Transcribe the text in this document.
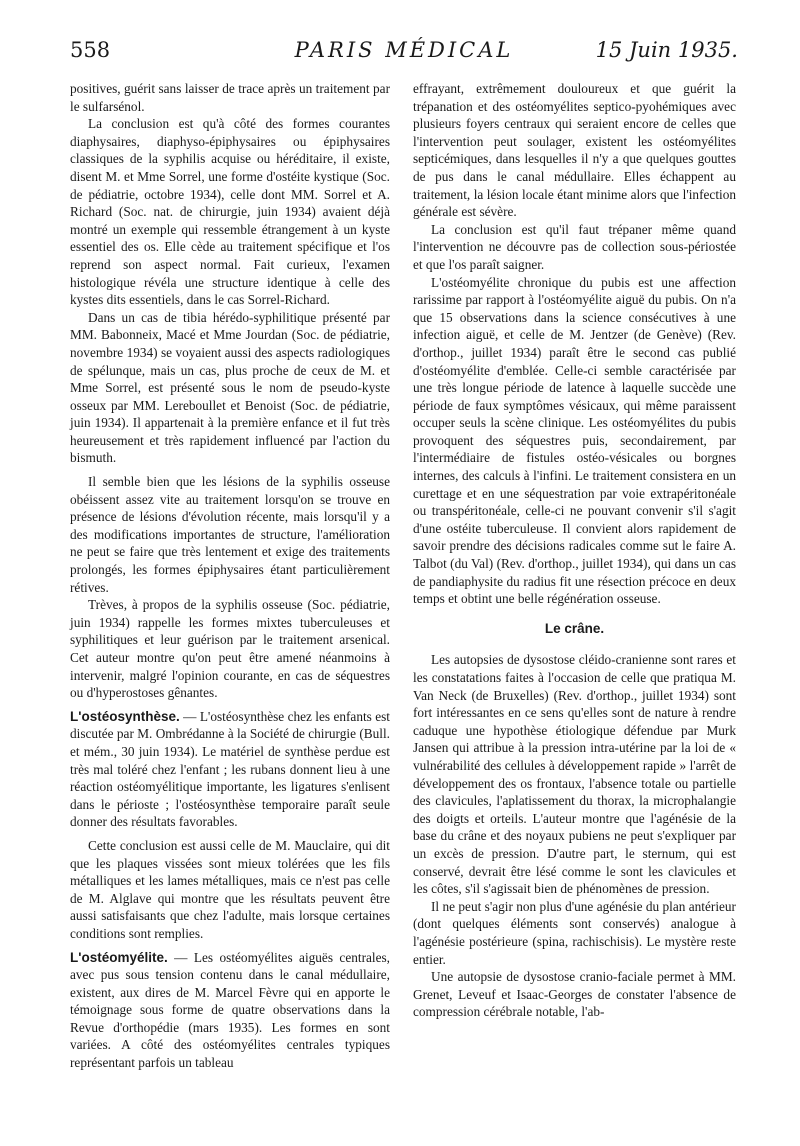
558	PARIS MÉDICAL	15 Juin 1935.

positives, guérit sans laisser de trace après un traitement par le sulfarsénol.

La conclusion est qu'à côté des formes courantes diaphysaires, diaphyso-épiphysaires ou épiphysaires classiques de la syphilis acquise ou héréditaire, il existe, disent M. et Mme Sorrel, une forme d'ostéite kystique (Soc. de pédiatrie, octobre 1934), celle dont MM. Sorrel et A. Richard (Soc. nat. de chirurgie, juin 1934) avaient déjà montré un exemple qui ressemble étrangement à un kyste essentiel des os. Elle cède au traitement spécifique et l'os reprend son aspect normal. Fait curieux, l'examen histologique révéla une structure identique à celle des kystes dits essentiels, dans le cas Sorrel-Richard.

Dans un cas de tibia hérédo-syphilitique présenté par MM. Babonneix, Macé et Mme Jourdan (Soc. de pédiatrie, novembre 1934) se voyaient aussi des aspects radiologiques de spélunque, mais un cas, plus proche de ceux de M. et Mme Sorrel, est présenté sous le nom de pseudo-kyste osseux par MM. Lereboullet et Benoist (Soc. de pédiatrie, juin 1934). Il appartenait à la première enfance et il fut très heureusement et très rapidement influencé par l'action du bismuth.

Il semble bien que les lésions de la syphilis osseuse obéissent assez vite au traitement lorsqu'on se trouve en présence de lésions d'évolution récente, mais lorsqu'il y a des modifications importantes de structure, l'amélioration ne peut se faire que très lentement et exige des traitements prolongés, les formes épiphysaires étant particulièrement rétives.

Trèves, à propos de la syphilis osseuse (Soc. pédiatrie, juin 1934) rappelle les formes mixtes tuberculeuses et syphilitiques et leur guérison par le traitement arsenical. Cet auteur montre qu'on peut être amené néanmoins à intervenir, malgré l'opinion courante, en cas de séquestres ou d'hyperostoses gênantes.

L'ostéosynthèse. — L'ostéosynthèse chez les enfants est discutée par M. Ombrédanne à la Société de chirurgie (Bull. et mém., 30 juin 1934). Le matériel de synthèse perdue est très mal toléré chez l'enfant ; les rubans donnent lieu à une réaction ostéomyélitique importante, les ligatures s'enlisent dans le périoste ; l'ostéosynthèse temporaire paraît seule donner des résultats favorables.

Cette conclusion est aussi celle de M. Mauclaire, qui dit que les plaques vissées sont mieux tolérées que les fils métalliques et les lames métalliques, mais ce n'est pas celle de M. Alglave qui montre que les résultats peuvent être aussi satisfaisants que chez l'adulte, mais lorsque certaines conditions sont remplies.

L'ostéomyélite. — Les ostéomyélites aiguës centrales, avec pus sous tension contenu dans le canal médullaire, existent, aux dires de M. Marcel Fèvre qui en apporte le témoignage sous forme de quatre observations dans la Revue d'orthopédie (mars 1935). Les formes en sont variées. A côté des ostéomyélites centrales typiques représentant parfois un tableau

effrayant, extrêmement douloureux et que guérit la trépanation et des ostéomyélites septico-pyohémiques avec plusieurs foyers centraux qui seraient encore de celles que l'intervention peut soulager, existent les ostéomyélites septicémiques, dans lesquelles il n'y a que quelques gouttes de pus dans le canal médullaire. Elles échappent au traitement, la lésion locale étant minime alors que l'infection générale est sévère.

La conclusion est qu'il faut trépaner même quand l'intervention ne découvre pas de collection sous-périostée et que l'os paraît saigner.

L'ostéomyélite chronique du pubis est une affection rarissime par rapport à l'ostéomyélite aiguë du pubis. On n'a que 15 observations dans la science consécutives à une infection aiguë, et celle de M. Jentzer (de Genève) (Rev. d'orthop., juillet 1934) paraît être le second cas publié d'ostéomyélite d'emblée. Celle-ci semble caractérisée par une très longue période de latence à laquelle succède une période de faux symptômes vésicaux, qui même paraissent occuper seuls la scène clinique. Les ostéomyélites du pubis provoquent des séquestres puis, secondairement, par l'intermédiaire de fistules ostéo-vésicales ou borgnes internes, des calculs à l'infini. Le traitement consistera en un curettage et en une séquestration par voie extrapéritonéale ou transpéritonéale, celle-ci ne pouvant convenir s'il s'agit d'une ostéite tuberculeuse. Il convient alors rapidement de savoir prendre des décisions radicales comme sut le faire A. Talbot (du Val) (Rev. d'orthop., juillet 1934), qui dans un cas de pandiaphysite du radius fit une résection précoce en deux temps et obtint une belle régénération osseuse.

Le crâne.

Les autopsies de dysostose cléido-cranienne sont rares et les constatations faites à l'occasion de celle que pratiqua M. Van Neck (de Bruxelles) (Rev. d'orthop., juillet 1934) sont fort intéressantes en ce sens qu'elles sont de nature à rendre caduque une hypothèse étiologique défendue par Murk Jansen qui attribue à la pression intra-utérine par la loi de « vulnérabilité des cellules à développement rapide » l'arrêt de développement des os frontaux, l'absence totale ou partielle des clavicules, l'aplatissement du thorax, la microphalangie des doigts et orteils. L'auteur montre que l'agénésie de la base du crâne et des noyaux pubiens ne peut s'expliquer par un excès de pression. D'autre part, le sternum, qui est conservé, devrait être lésé comme le sont les clavicules et les côtes, s'il s'agissait bien de phénomènes de pression.

Il ne peut s'agir non plus d'une agénésie du plan antérieur (dont quelques éléments sont conservés) analogue à l'agénésie postérieure (spina, rachischisis). Le mystère reste entier.

Une autopsie de dysostose cranio-faciale permet à MM. Grenet, Leveuf et Isaac-Georges de constater l'absence de compression cérébrale notable, l'ab-
